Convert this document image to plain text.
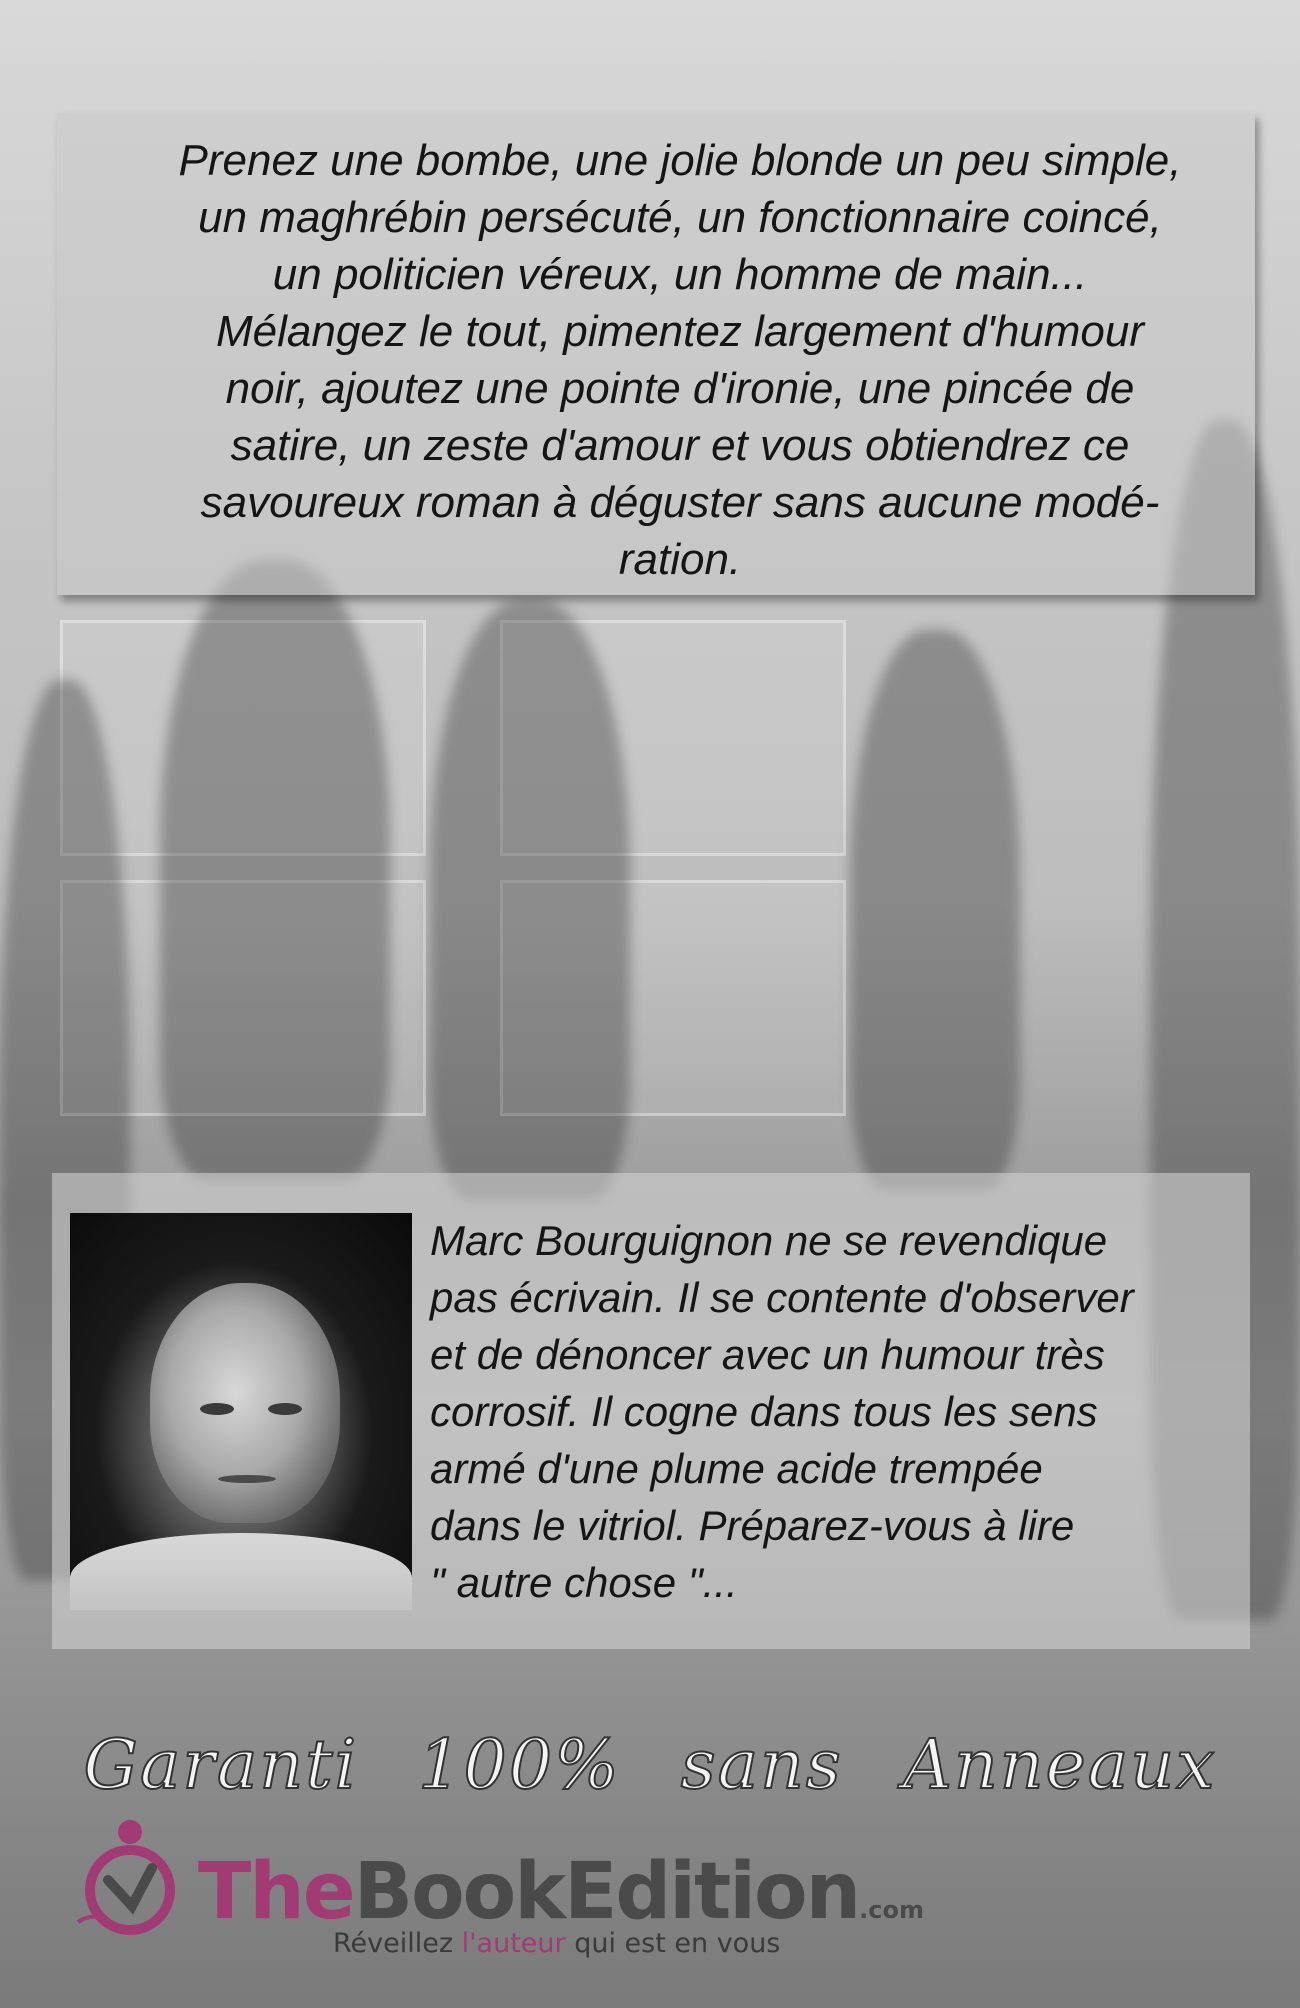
Prenez une bombe, une jolie blonde un peu simple,
un maghrébin persécuté, un fonctionnaire coincé,
un politicien véreux, un homme de main...
Mélangez le tout, pimentez largement d'humour
noir, ajoutez une pointe d'ironie, une pincée de
satire, un zeste d'amour et vous obtiendrez ce
savoureux roman à déguster sans aucune modé-
ration.
Marc Bourguignon ne se revendique
pas écrivain. Il se contente d'observer
et de dénoncer avec un humour très
corrosif. Il cogne dans tous les sens
armé d'une plume acide trempée
dans le vitriol. Préparez-vous à lire
" autre chose "...
Garanti 100% sans Anneaux
TheBookEdition.com
Réveillez l'auteur qui est en vous
